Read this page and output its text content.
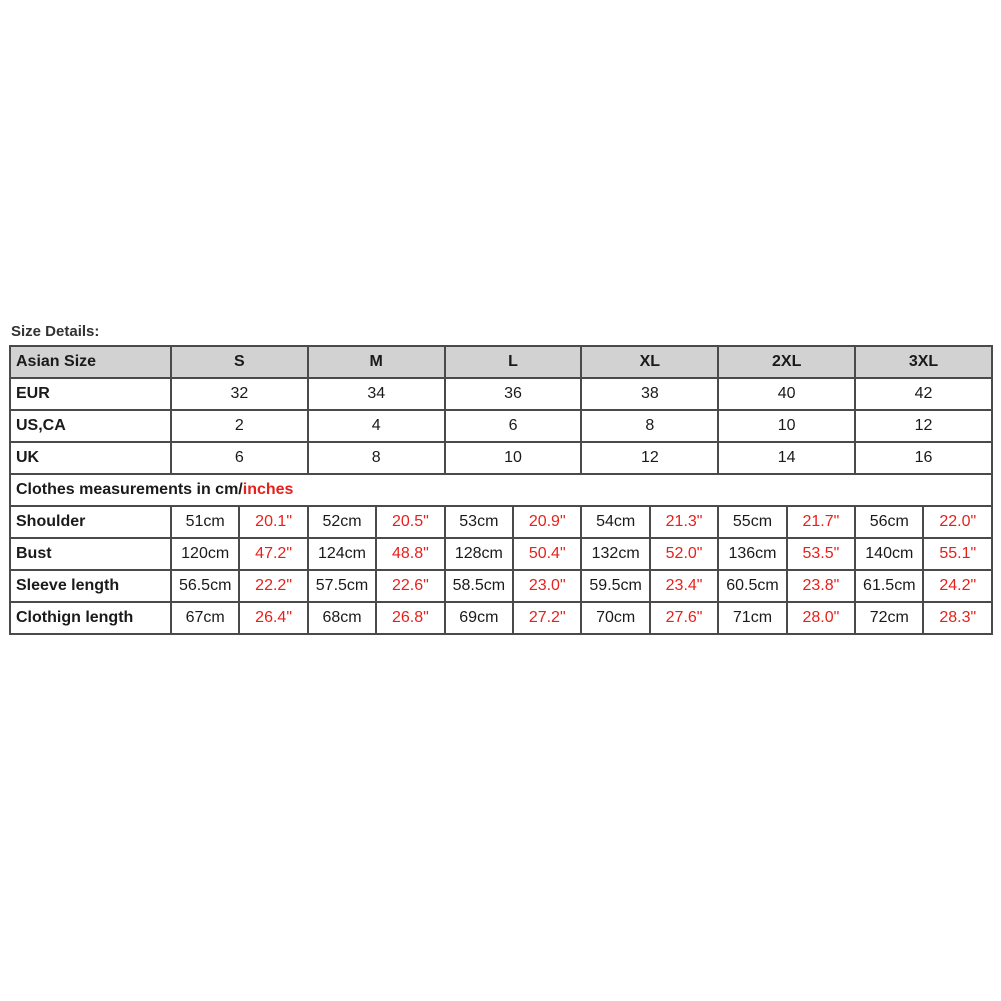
Size Details:
Asian Size	S		M		L		XL		2XL		3XL	
EUR	32		34		36		38		40		42	
US,CA	2		4		6		8		10		12	
UK	6		8		10		12		14		16	
Clothes measurements in cm/inches												
Shoulder	51cm	20.1"	52cm	20.5"	53cm	20.9"	54cm	21.3"	55cm	21.7"	56cm	22.0"
Bust	120cm	47.2"	124cm	48.8"	128cm	50.4"	132cm	52.0"	136cm	53.5"	140cm	55.1"
Sleeve length	56.5cm	22.2"	57.5cm	22.6"	58.5cm	23.0"	59.5cm	23.4"	60.5cm	23.8"	61.5cm	24.2"
Clothign length	67cm	26.4"	68cm	26.8"	69cm	27.2"	70cm	27.6"	71cm	28.0"	72cm	28.3"
